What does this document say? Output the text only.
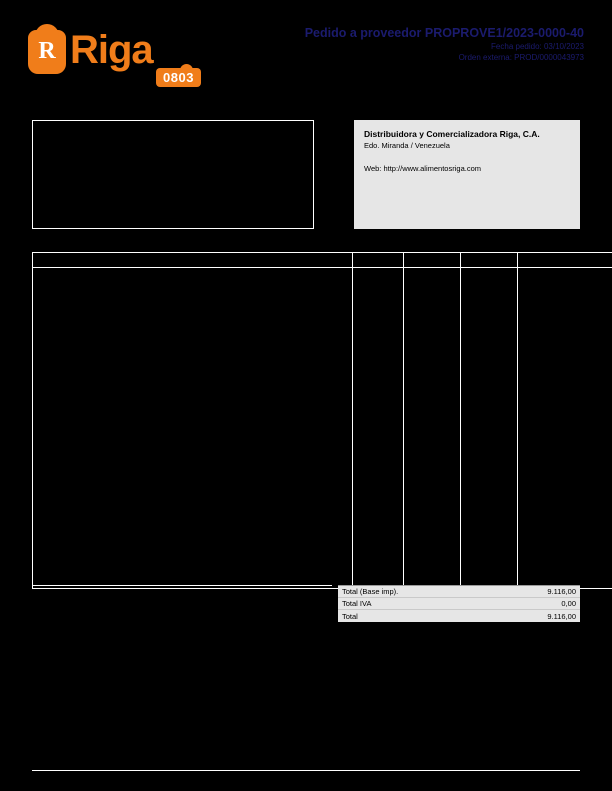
R Riga
0803
Pedido a proveedor PROPROVE1/2023-0000-40
Fecha pedido: 03/10/2023
Orden externa: PROD/0000043973
Distribuidora y Comercializadora Riga, C.A.
Edo. Miranda / Venezuela
Web: http://www.alimentosriga.com

Total (Base imp).	9.116,00
Total IVA	0,00
Total	9.116,00
